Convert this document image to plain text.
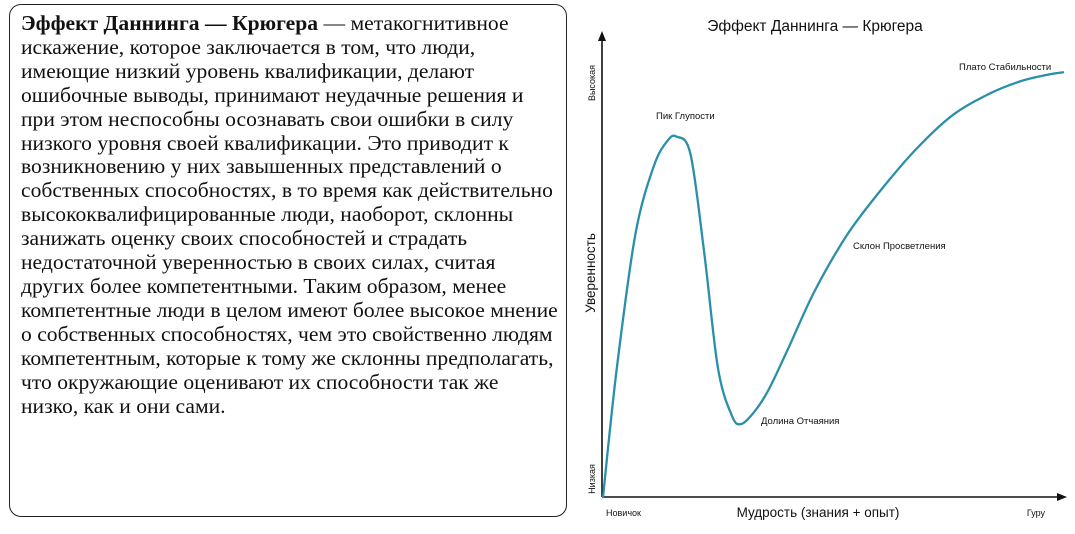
Эффект Даннинга — Крюгера — метакогнитивное искажение, которое заключается в том, что люди, имеющие низкий уровень квалификации, делают ошибочные выводы, принимают неудачные решения и при этом неспособны осознавать свои ошибки в силу низкого уровня своей квалификации. Это приводит к возникновению у них завышенных представлений о собственных способностях, в то время как действительно высококвалифицированные люди, наоборот, склонны занижать оценку своих способностей и страдать недостаточной уверенностью в своих силах, считая других более компетентными. Таким образом, менее компетентные люди в целом имеют более высокое мнение о собственных способностях, чем это свойственно людям компетентным, которые к тому же склонны предполагать, что окружающие оценивают их способности так же низко, как и они сами.

Эффект Даннинга — Крюгера
Уверенность
Мудрость (знания + опыт)
Низкая
Высокая
Новичок	Гуру
Пик Глупости
Долина Отчаяния
Склон Просветления
Плато Стабильности
